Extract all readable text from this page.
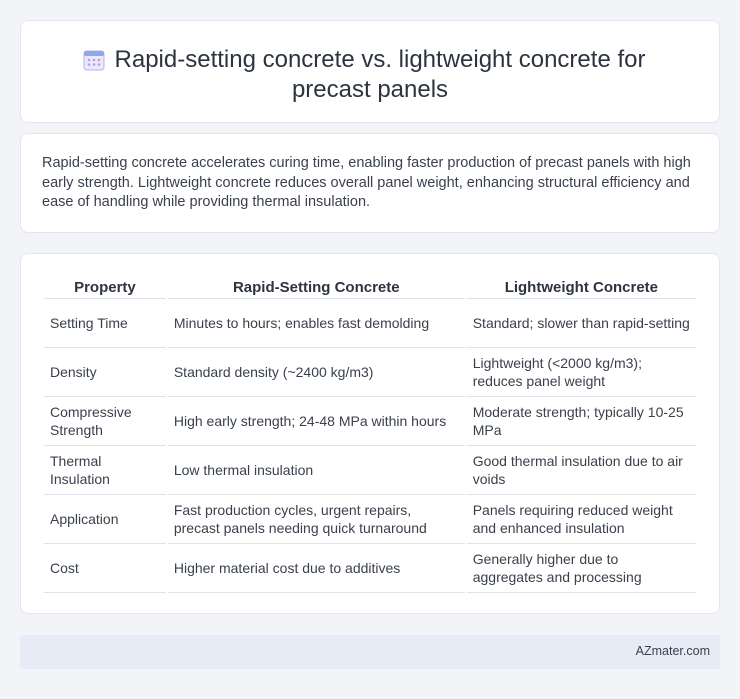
Rapid-setting concrete vs. lightweight concrete for
precast panels

Rapid-setting concrete accelerates curing time, enabling faster production of precast panels with high early strength. Lightweight concrete reduces overall panel weight, enhancing structural efficiency and ease of handling while providing thermal insulation.

Property	Rapid-Setting Concrete	Lightweight Concrete
Setting Time	Minutes to hours; enables fast demolding	Standard; slower than rapid-setting
Density	Standard density (~2400 kg/m3)	Lightweight (<2000 kg/m3); reduces panel weight
Compressive Strength	High early strength; 24-48 MPa within hours	Moderate strength; typically 10-25 MPa
Thermal Insulation	Low thermal insulation	Good thermal insulation due to air voids
Application	Fast production cycles, urgent repairs, precast panels needing quick turnaround	Panels requiring reduced weight and enhanced insulation
Cost	Higher material cost due to additives	Generally higher due to aggregates and processing
AZmater.com
